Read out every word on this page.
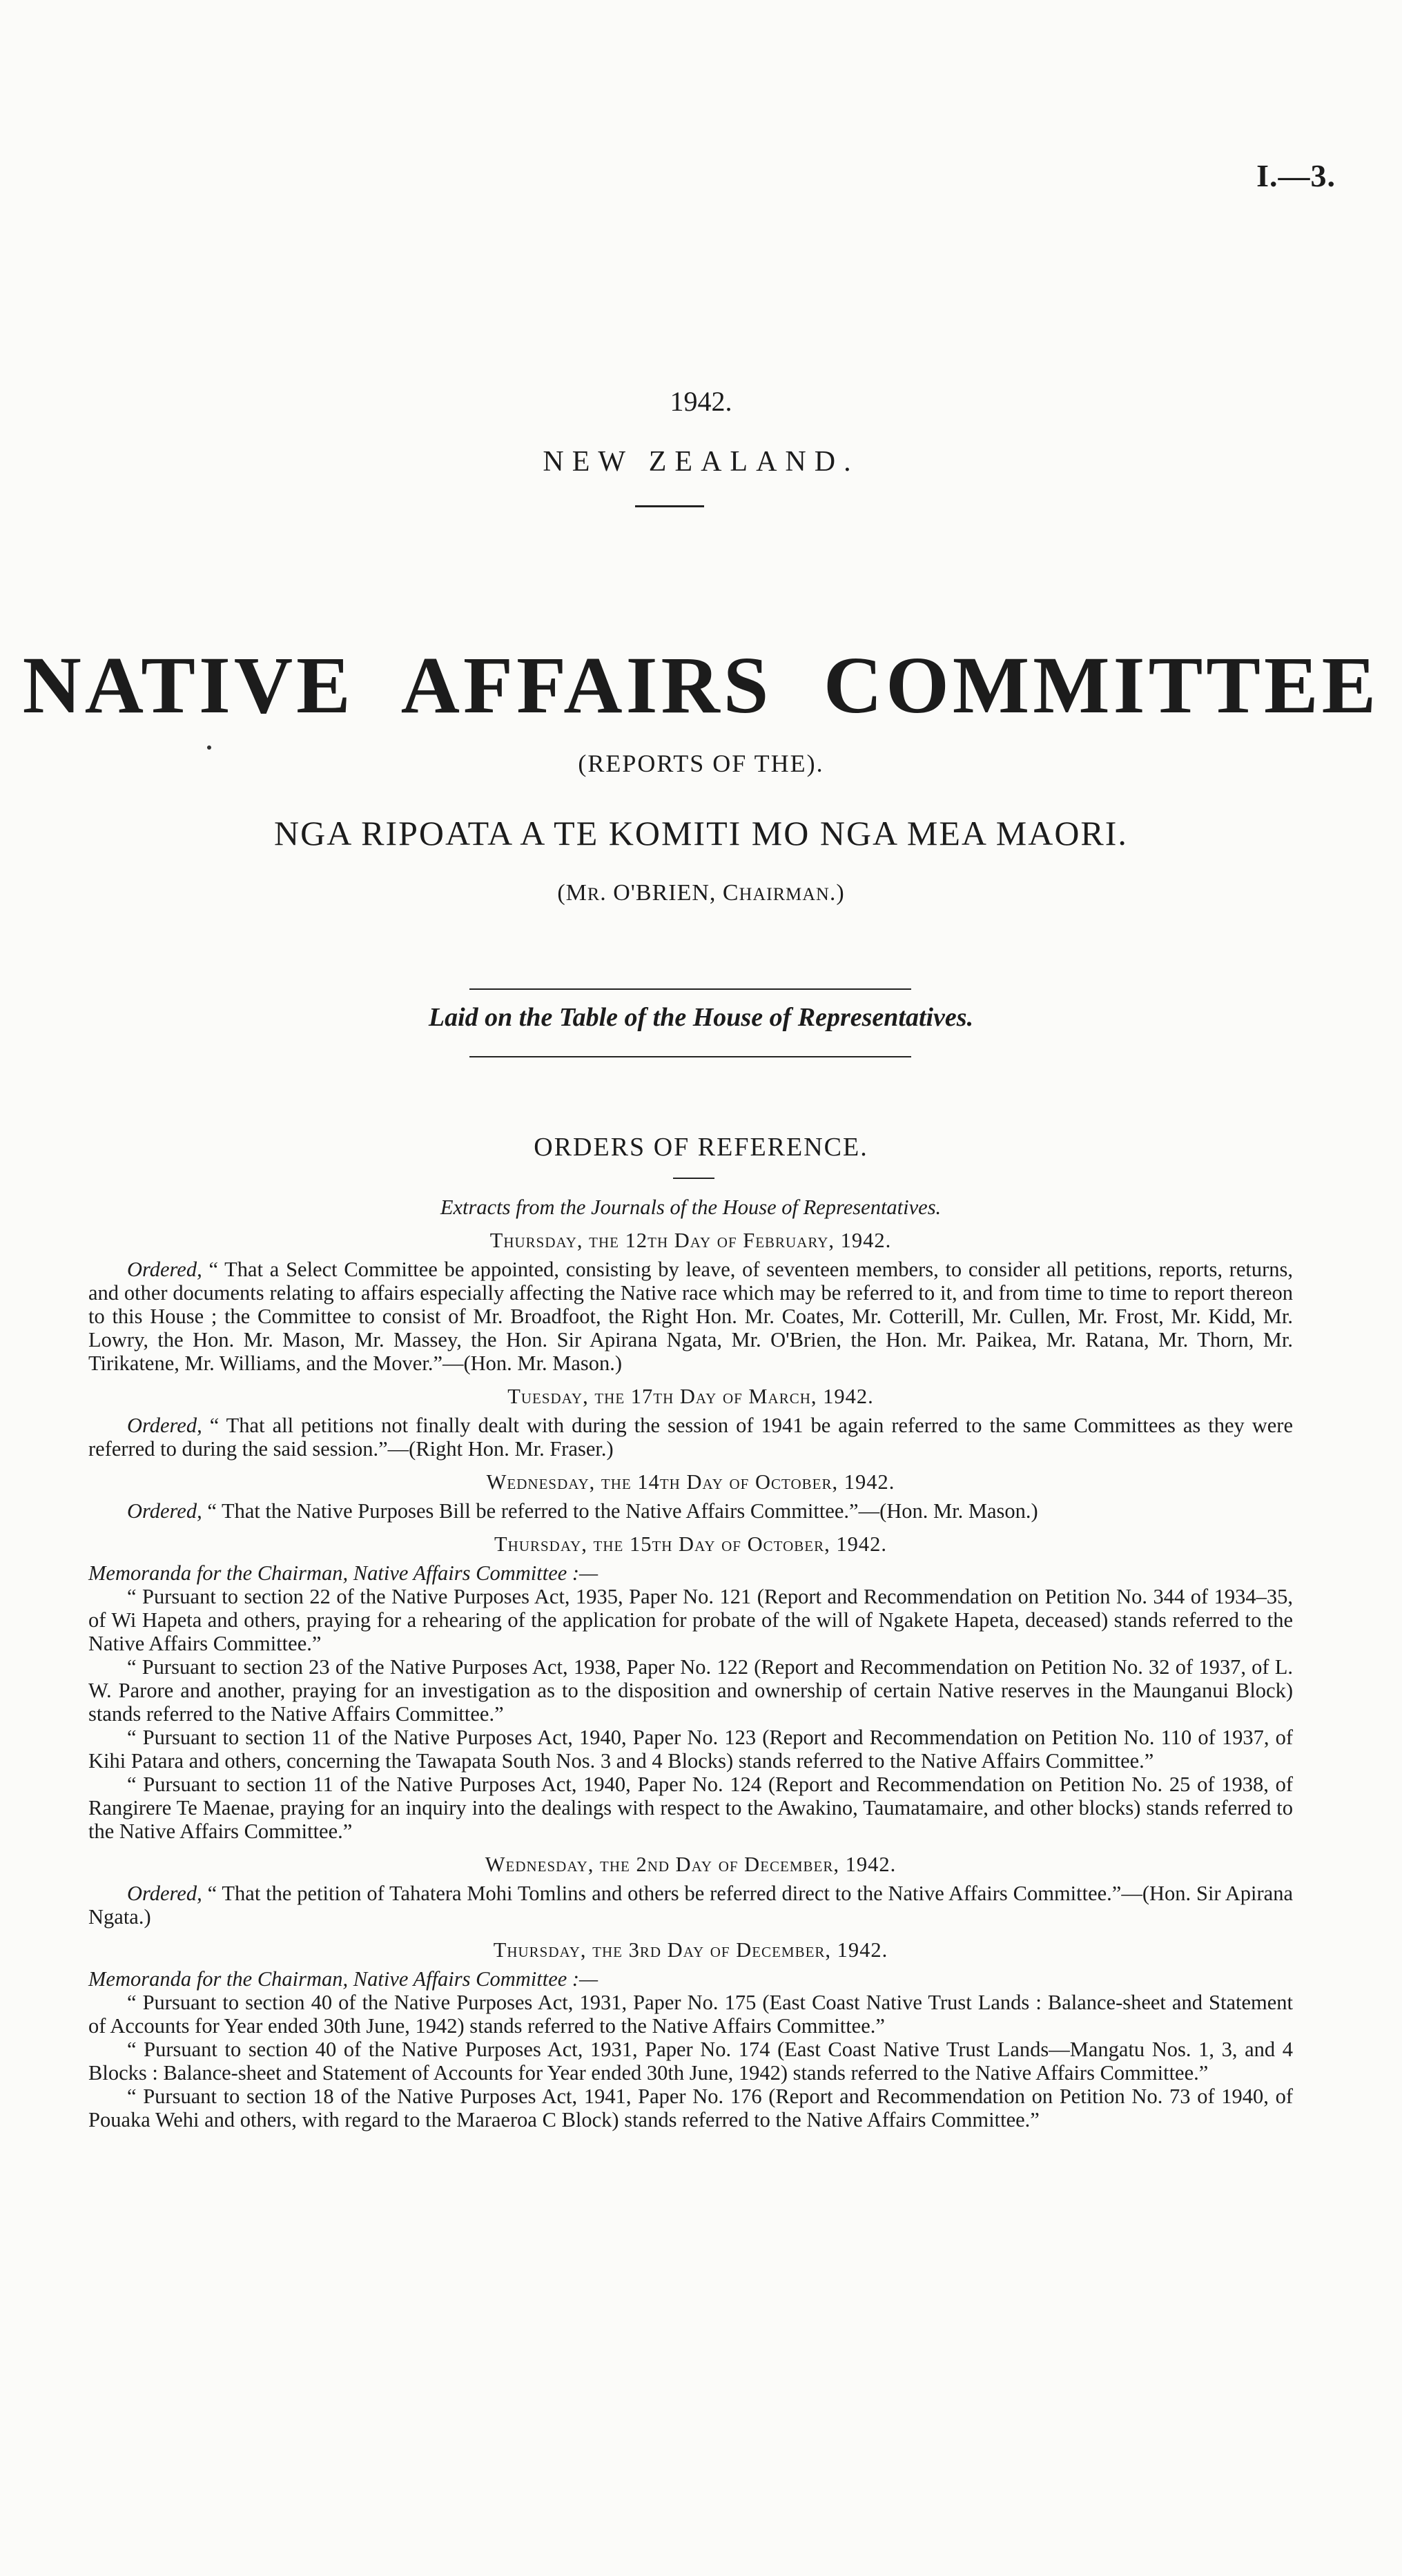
I.—3.
1942.
NEW ZEALAND.
NATIVE AFFAIRS COMMITTEE
(REPORTS OF THE).
NGA RIPOATA A TE KOMITI MO NGA MEA MAORI.
(MR. O'BRIEN, CHAIRMAN.)
Laid on the Table of the House of Representatives.
ORDERS OF REFERENCE.
Extracts from the Journals of the House of Representatives.
Thursday, the 12th Day of February, 1942.

Ordered, “ That a Select Committee be appointed, consisting by leave, of seventeen members, to consider all petitions, reports, returns, and other documents relating to affairs especially affecting the Native race which may be referred to it, and from time to time to report thereon to this House ; the Committee to consist of Mr. Broadfoot, the Right Hon. Mr. Coates, Mr. Cotterill, Mr. Cullen, Mr. Frost, Mr. Kidd, Mr. Lowry, the Hon. Mr. Mason, Mr. Massey, the Hon. Sir Apirana Ngata, Mr. O'Brien, the Hon. Mr. Paikea, Mr. Ratana, Mr. Thorn, Mr. Tirikatene, Mr. Williams, and the Mover.”—(Hon. Mr. Mason.)

Tuesday, the 17th Day of March, 1942.

Ordered, “ That all petitions not finally dealt with during the session of 1941 be again referred to the same Committees as they were referred to during the said session.”—(Right Hon. Mr. Fraser.)

Wednesday, the 14th Day of October, 1942.

Ordered, “ That the Native Purposes Bill be referred to the Native Affairs Committee.”—(Hon. Mr. Mason.)

Thursday, the 15th Day of October, 1942.

Memoranda for the Chairman, Native Affairs Committee :—

“ Pursuant to section 22 of the Native Purposes Act, 1935, Paper No. 121 (Report and Recommendation on Petition No. 344 of 1934–35, of Wi Hapeta and others, praying for a rehearing of the application for probate of the will of Ngakete Hapeta, deceased) stands referred to the Native Affairs Committee.”

“ Pursuant to section 23 of the Native Purposes Act, 1938, Paper No. 122 (Report and Recommendation on Petition No. 32 of 1937, of L. W. Parore and another, praying for an investigation as to the disposition and ownership of certain Native reserves in the Maunganui Block) stands referred to the Native Affairs Committee.”

“ Pursuant to section 11 of the Native Purposes Act, 1940, Paper No. 123 (Report and Recommendation on Petition No. 110 of 1937, of Kihi Patara and others, concerning the Tawapata South Nos. 3 and 4 Blocks) stands referred to the Native Affairs Committee.”

“ Pursuant to section 11 of the Native Purposes Act, 1940, Paper No. 124 (Report and Recommendation on Petition No. 25 of 1938, of Rangirere Te Maenae, praying for an inquiry into the dealings with respect to the Awakino, Taumatamaire, and other blocks) stands referred to the Native Affairs Committee.”

Wednesday, the 2nd Day of December, 1942.

Ordered, “ That the petition of Tahatera Mohi Tomlins and others be referred direct to the Native Affairs Committee.”—(Hon. Sir Apirana Ngata.)

Thursday, the 3rd Day of December, 1942.

Memoranda for the Chairman, Native Affairs Committee :—

“ Pursuant to section 40 of the Native Purposes Act, 1931, Paper No. 175 (East Coast Native Trust Lands : Balance-sheet and Statement of Accounts for Year ended 30th June, 1942) stands referred to the Native Affairs Committee.”

“ Pursuant to section 40 of the Native Purposes Act, 1931, Paper No. 174 (East Coast Native Trust Lands—Mangatu Nos. 1, 3, and 4 Blocks : Balance-sheet and Statement of Accounts for Year ended 30th June, 1942) stands referred to the Native Affairs Committee.”

“ Pursuant to section 18 of the Native Purposes Act, 1941, Paper No. 176 (Report and Recommendation on Petition No. 73 of 1940, of Pouaka Wehi and others, with regard to the Maraeroa C Block) stands referred to the Native Affairs Committee.”
